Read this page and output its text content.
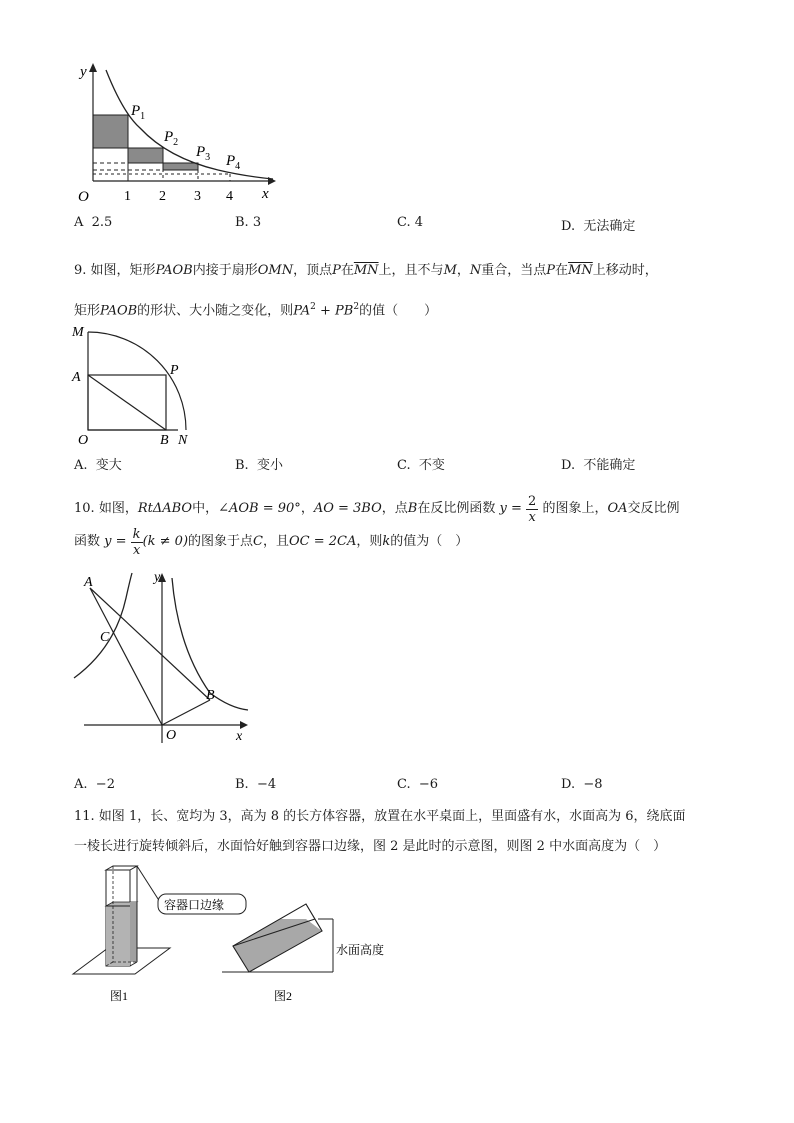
y
x
O	1 2 3 4
$P_1$
$P_2$
$P_3$ $P_4$
A 2.5	B. 3	C. 4	D. 无法确定
9. 如图，矩形PAOB内接于扇形OMN，顶点P在$\overline{MN}$上，且不与M，N重合，当点P在$\overline{MN}$上移动时，
矩形PAOB的形状、大小随之变化，则$PA^2 + PB^2$的值（　　）
M
A	P
O	B N
A. 变大	B. 变小	C. 不变	D. 不能确定
10.
如图， RtΔABO 中， ∠AOB = 90° ， AO = 3BO ，点 B 在反比例函数
y =
$\frac{2}{x}$
的图象上， OA 交反比例
函数
y =
$\frac{k}{x} (k \ne 0)$ 的图象于点 C ，且 OC = 2CA ，则 k 的值为（　）
A
C
B
O
y
x
A. −2	B. −4	C. −6	D. −8
11. 如图 1，长、宽均为 3，高为 8 的长方体容器，放置在水平桌面上，里面盛有水，水面高为 6，绕底面
一棱长进行旋转倾斜后，水面恰好触到容器口边缘，图 2 是此时的示意图，则图 2 中水面高度为（　）
容器口边缘
图1
水面高度
图2
